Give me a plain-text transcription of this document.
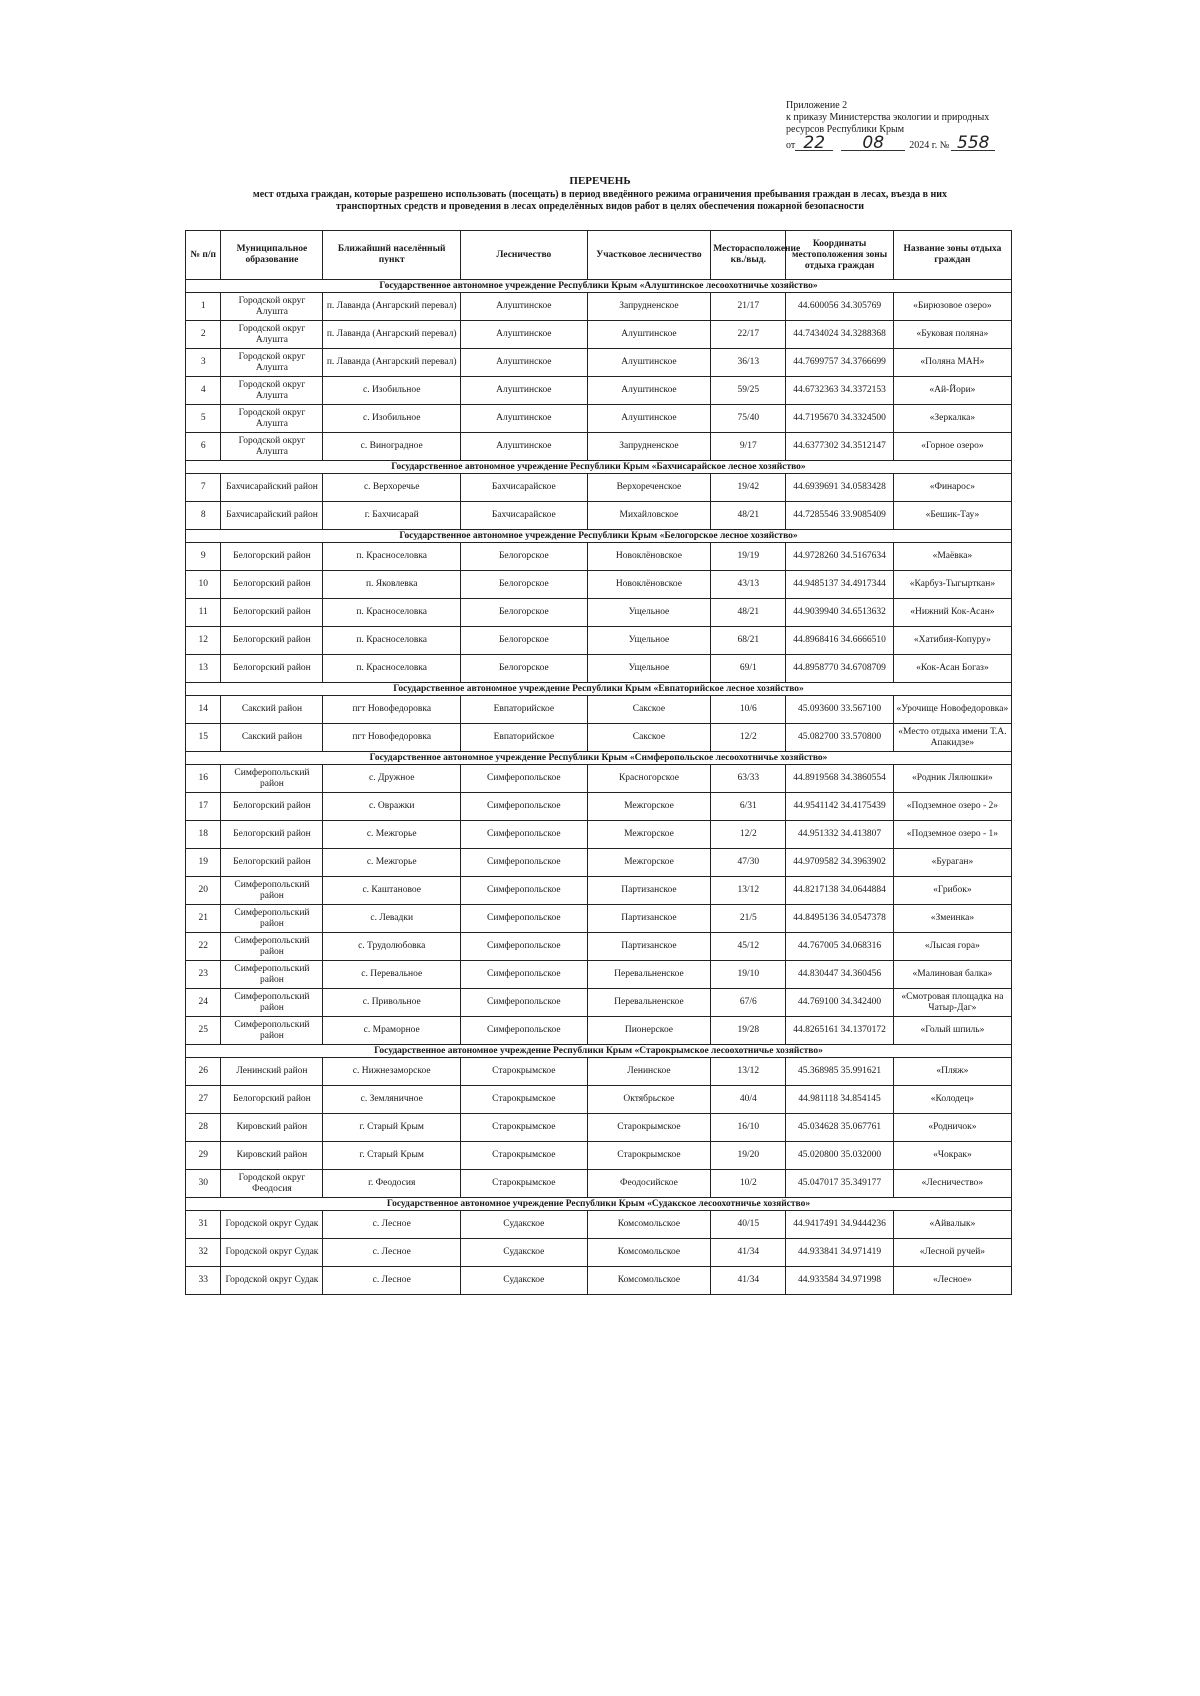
Приложение 2
к приказу Министерства экологии и природных
ресурсов Республики Крым
от 22	08	2024 г. № 558
ПЕРЕЧЕНЬ
мест отдыха граждан, которые разрешено использовать (посещать) в период введённого режима ограничения пребывания граждан в лесах, въезда в них транспортных средств и проведения в лесах определённых видов работ в целях обеспечения пожарной безопасности
№ п/п	Муниципальное образование	Ближайший населённый пункт	Лесничество	Участковое лесничество	Месторасположение кв./выд.	Координаты местоположения зоны отдыха граждан	Название зоны отдыха граждан
Государственное автономное учреждение Республики Крым «Алуштинское лесоохотничье хозяйство»							
1	Городской округ Алушта	п. Лаванда (Ангарский перевал)	Алуштинское	Запрудненское	21/17	44.600056 34.305769	«Бирюзовое озеро»
2	Городской округ Алушта	п. Лаванда (Ангарский перевал)	Алуштинское	Алуштинское	22/17	44.7434024 34.3288368	«Буковая поляна»
3	Городской округ Алушта	п. Лаванда (Ангарский перевал)	Алуштинское	Алуштинское	36/13	44.7699757 34.3766699	«Поляна МАН»
4	Городской округ Алушта	с. Изобильное	Алуштинское	Алуштинское	59/25	44.6732363 34.3372153	«Ай-Йори»
5	Городской округ Алушта	с. Изобильное	Алуштинское	Алуштинское	75/40	44.7195670 34.3324500	«Зеркалка»
6	Городской округ Алушта	с. Виноградное	Алуштинское	Запрудненское	9/17	44.6377302 34.3512147	«Горное озеро»
Государственное автономное учреждение Республики Крым «Бахчисарайское лесное хозяйство»							
7	Бахчисарайский район	с. Верхоречье	Бахчисарайское	Верхореченское	19/42	44.6939691 34.0583428	«Финарос»
8	Бахчисарайский район	г. Бахчисарай	Бахчисарайское	Михайловское	48/21	44.7285546 33.9085409	«Бешик-Тау»
Государственное автономное учреждение Республики Крым «Белогорское лесное хозяйство»							
9	Белогорский район	п. Красноселовка	Белогорское	Новоклёновское	19/19	44.9728260 34.5167634	«Маёвка»
10	Белогорский район	п. Яковлевка	Белогорское	Новоклёновское	43/13	44.9485137 34.4917344	«Карбуз-Тыгырткан»
11	Белогорский район	п. Красноселовка	Белогорское	Ущельное	48/21	44.9039940 34.6513632	«Нижний Кок-Асан»
12	Белогорский район	п. Красноселовка	Белогорское	Ущельное	68/21	44.8968416 34.6666510	«Хатибия-Копуру»
13	Белогорский район	п. Красноселовка	Белогорское	Ущельное	69/1	44.8958770 34.6708709	«Кок-Асан Богаз»
Государственное автономное учреждение Республики Крым «Евпаторийское лесное хозяйство»							
14	Сакский район	пгт Новофедоровка	Евпаторийское	Сакское	10/6	45.093600 33.567100	«Урочище Новофедоровка»
15	Сакский район	пгт Новофедоровка	Евпаторийское	Сакское	12/2	45.082700 33.570800	«Место отдыха имени Т.А. Апакидзе»
Государственное автономное учреждение Республики Крым «Симферопольское лесоохотничье хозяйство»							
16	Симферопольский район	с. Дружное	Симферопольское	Красногорское	63/33	44.8919568 34.3860554	«Родник Лялюшки»
17	Белогорский район	с. Овражки	Симферопольское	Межгорское	6/31	44.9541142 34.4175439	«Подземное озеро - 2»
18	Белогорский район	с. Межгорье	Симферопольское	Межгорское	12/2	44.951332 34.413807	«Подземное озеро - 1»
19	Белогорский район	с. Межгорье	Симферопольское	Межгорское	47/30	44.9709582 34.3963902	«Бураган»
20	Симферопольский район	с. Каштановое	Симферопольское	Партизанское	13/12	44.8217138 34.0644884	«Грибок»
21	Симферопольский район	с. Левадки	Симферопольское	Партизанское	21/5	44.8495136 34.0547378	«Змеинка»
22	Симферопольский район	с. Трудолюбовка	Симферопольское	Партизанское	45/12	44.767005 34.068316	«Лысая гора»
23	Симферопольский район	с. Перевальное	Симферопольское	Перевальненское	19/10	44.830447 34.360456	«Малиновая балка»
24	Симферопольский район	с. Привольное	Симферопольское	Перевальненское	67/6	44.769100 34.342400	«Смотровая площадка на Чатыр-Даг»
25	Симферопольский район	с. Мраморное	Симферопольское	Пионерское	19/28	44.8265161 34.1370172	«Голый шпиль»
Государственное автономное учреждение Республики Крым «Старокрымское лесоохотничье хозяйство»							
26	Ленинский район	с. Нижнезаморское	Старокрымское	Ленинское	13/12	45.368985 35.991621	«Пляж»
27	Белогорский район	с. Земляничное	Старокрымское	Октябрьское	40/4	44.981118 34.854145	«Колодец»
28	Кировский район	г. Старый Крым	Старокрымское	Старокрымское	16/10	45.034628 35.067761	«Родничок»
29	Кировский район	г. Старый Крым	Старокрымское	Старокрымское	19/20	45.020800 35.032000	«Чокрак»
30	Городской округ Феодосия	г. Феодосия	Старокрымское	Феодосийское	10/2	45.047017 35.349177	«Лесничество»
Государственное автономное учреждение Республики Крым «Судакское лесоохотничье хозяйство»							
31	Городской округ Судак	с. Лесное	Судакское	Комсомольское	40/15	44.9417491 34.9444236	«Айвалык»
32	Городской округ Судак	с. Лесное	Судакское	Комсомольское	41/34	44.933841 34.971419	«Лесной ручей»
33	Городской округ Судак	с. Лесное	Судакское	Комсомольское	41/34	44.933584 34.971998	«Лесное»
